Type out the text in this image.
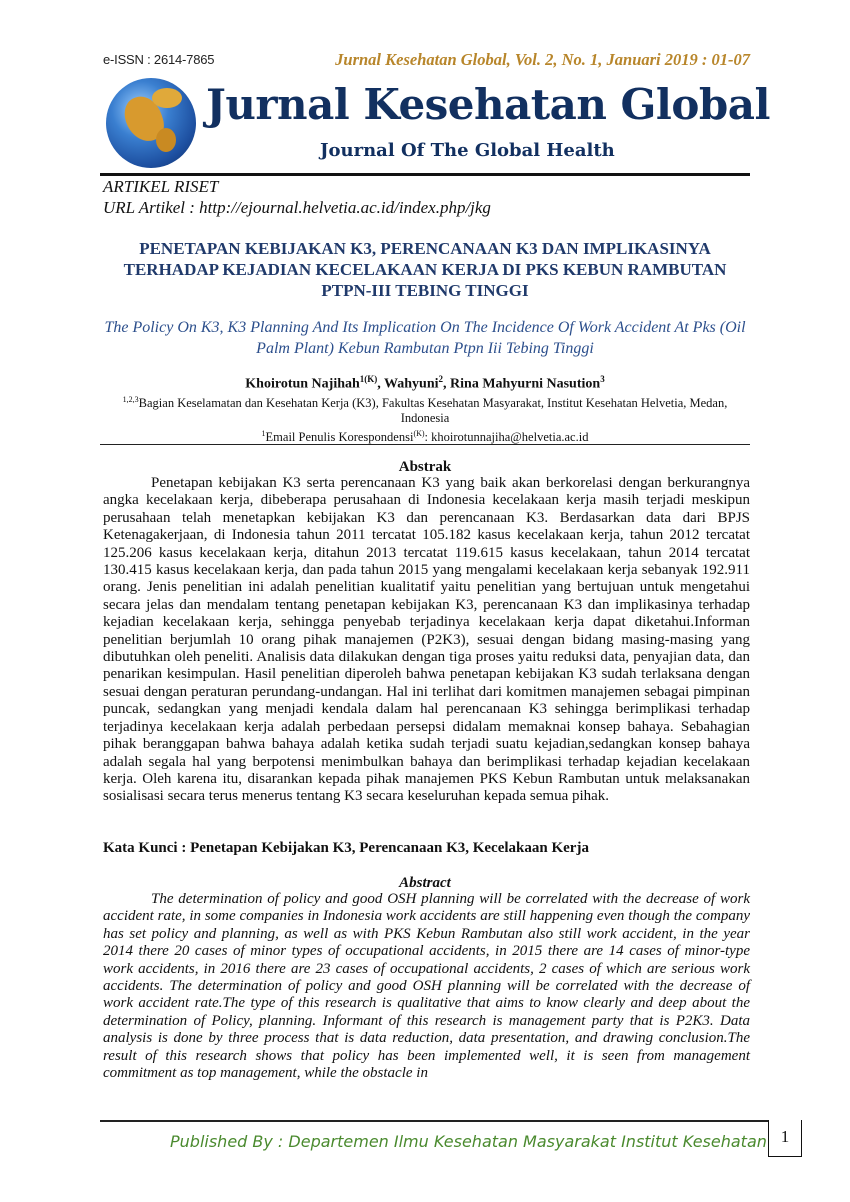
e-ISSN : 2614-7865	Jurnal Kesehatan Global, Vol. 2, No. 1, Januari 2019 : 01-07
Jurnal Kesehatan Global
Journal Of The Global Health
ARTIKEL RISET
URL Artikel : http://ejournal.helvetia.ac.id/index.php/jkg
PENETAPAN KEBIJAKAN K3, PERENCANAAN K3 DAN IMPLIKASINYA TERHADAP KEJADIAN KECELAKAAN KERJA DI PKS KEBUN RAMBUTAN PTPN-III TEBING TINGGI
The Policy On K3, K3 Planning And Its Implication On The Incidence Of Work Accident At Pks (Oil Palm Plant) Kebun Rambutan Ptpn Iii Tebing Tinggi
Khoirotun Najihah$^{1(K)}$, Wahyuni$^2$, Rina Mahyurni Nasution$^3$
$^{1,2,3}$Bagian Keselamatan dan Kesehatan Kerja (K3), Fakultas Kesehatan Masyarakat, Institut Kesehatan Helvetia, Medan, Indonesia
$^1$Email Penulis Korespondensi$^{(K)}$: khoirotunnajiha@helvetia.ac.id
Abstrak

Penetapan kebijakan K3 serta perencanaan K3 yang baik akan berkorelasi dengan berkurangnya angka kecelakaan kerja, dibeberapa perusahaan di Indonesia kecelakaan kerja masih terjadi meskipun perusahaan telah menetapkan kebijakan K3 dan perencanaan K3. Berdasarkan data dari BPJS Ketenagakerjaan, di Indonesia tahun 2011 tercatat 105.182 kasus kecelakaan kerja, tahun 2012 tercatat 125.206 kasus kecelakaan kerja, ditahun 2013 tercatat 119.615 kasus kecelakaan, tahun 2014 tercatat 130.415 kasus kecelakaan kerja, dan pada tahun 2015 yang mengalami kecelakaan kerja sebanyak 192.911 orang. Jenis penelitian ini adalah penelitian kualitatif yaitu penelitian yang bertujuan untuk mengetahui secara jelas dan mendalam tentang penetapan kebijakan K3, perencanaan K3 dan implikasinya terhadap kejadian kecelakaan kerja, sehingga penyebab terjadinya kecelakaan kerja dapat diketahui.Informan penelitian berjumlah 10 orang pihak manajemen (P2K3), sesuai dengan bidang masing-masing yang dibutuhkan oleh peneliti. Analisis data dilakukan dengan tiga proses yaitu reduksi data, penyajian data, dan penarikan kesimpulan. Hasil penelitian diperoleh bahwa penetapan kebijakan K3 sudah terlaksana dengan sesuai dengan peraturan perundang-undangan. Hal ini terlihat dari komitmen manajemen sebagai pimpinan puncak, sedangkan yang menjadi kendala dalam hal perencanaan K3 sehingga berimplikasi terhadap terjadinya kecelakaan kerja adalah perbedaan persepsi didalam memaknai konsep bahaya. Sebahagian pihak beranggapan bahwa bahaya adalah ketika sudah terjadi suatu kejadian,sedangkan konsep bahaya adalah segala hal yang berpotensi menimbulkan bahaya dan berimplikasi terhadap kejadian kecelakaan kerja. Oleh karena itu, disarankan kepada pihak manajemen PKS Kebun Rambutan untuk melaksanakan sosialisasi secara terus menerus tentang K3 secara keseluruhan kepada semua pihak.

Kata Kunci : Penetapan Kebijakan K3, Perencanaan K3, Kecelakaan Kerja
Abstract

The determination of policy and good OSH planning will be correlated with the decrease of work accident rate, in some companies in Indonesia work accidents are still happening even though the company has set policy and planning, as well as with PKS Kebun Rambutan also still work accident, in the year 2014 there 20 cases of minor types of occupational accidents, in 2015 there are 14 cases of minor-type work accidents, in 2016 there are 23 cases of occupational accidents, 2 cases of which are serious work accidents. The determination of policy and good OSH planning will be correlated with the decrease of work accident rate.The type of this research is qualitative that aims to know clearly and deep about the determination of Policy, planning. Informant of this research is management party that is P2K3. Data analysis is done by three process that is data reduction, data presentation, and drawing conclusion.The result of this research shows that policy has been implemented well, it is seen from management commitment as top management, while the obstacle in

Published By : Departemen Ilmu Kesehatan Masyarakat Institut Kesehatan 1
